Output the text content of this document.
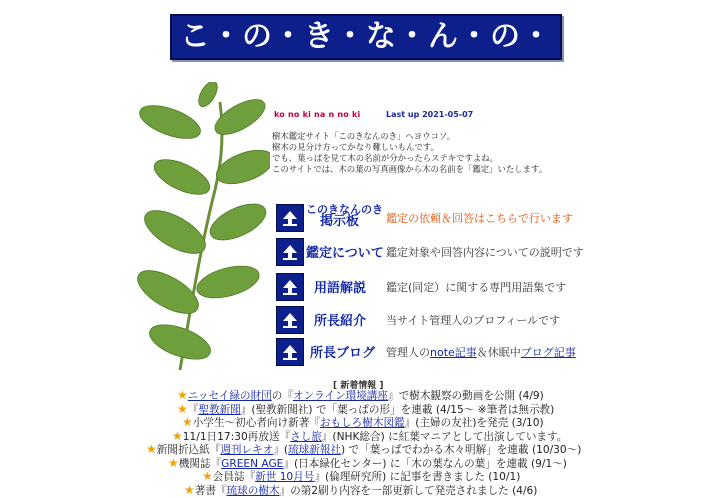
こ・の・き・な・ん・の・き
ko no ki na n no ki	Last up 2021-05-07
樹木鑑定サイト「このきなんのき」へヨウコソ。
樹木の見分け方ってかなり難しいもんです。
でも、葉っぱを見て木の名前が分かったらステキですよね。
このサイトでは、木の葉の写真画像から木の名前を「鑑定」いたします。
このきなんのき
掲示板	鑑定の依頼＆回答はこちらで行います
鑑定について 鑑定対象や回答内容についての説明です
用語解説 鑑定(同定）に関する専門用語集です
所長紹介 当サイト管理人のプロフィールです
所長ブログ 管理人のnote記事＆休眠中ブログ記事
[ 新着情報 ]
★ニッセイ緑の財団の『オンライン環境講座』で樹木観察の動画を公開 (4/9)
★『聖教新聞』(聖教新聞社) で「葉っぱの形」を連載 (4/15～ ※筆者は無示教)
★小学生～初心者向け新著『おもしろ樹木図鑑』(主婦の友社)を発売 (3/10)
★11/1日17:30再放送『さし旅』(NHK総合) に紅葉マニアとして出演しています。
★新聞折込紙『週刊レキオ』(琉球新報社) で「葉っぱでわかる木々明解」を連載 (10/30～)
★機関誌『GREEN AGE』(日本緑化センター) に「木の葉なんの葉」を連載 (9/1～)
★会員誌『新世 10月号』(倫理研究所) に記事を書きました (10/1)
★著書『琉球の樹木』の第2刷り内容を一部更新して発売されました (4/6)
